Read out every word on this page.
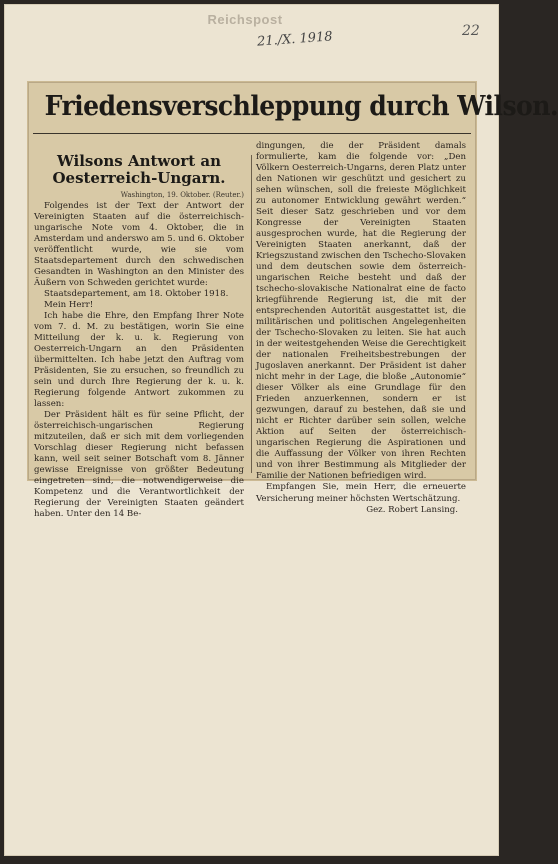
Reichspost
21./X. 1918	22
Friedensverschleppung durch Wilson.
Wilsons Antwort an
Oesterreich-Ungarn.
Washington, 19. Oktober. (Reuter.)

Folgendes ist der Text der Antwort der Vereinigten Staaten auf die österreichisch-ungarische Note vom 4. Oktober, die in Amsterdam und anderswo am 5. und 6. Oktober veröffentlicht wurde, wie sie vom Staatsdepartement durch den schwedischen Gesandten in Washington an den Minister des Äußern von Schweden gerichtet wurde:

Staatsdepartement, am 18. Oktober 1918.

Mein Herr!

Ich habe die Ehre, den Empfang Ihrer Note vom 7. d. M. zu bestätigen, worin Sie eine Mitteilung der k. u. k. Regierung von Oesterreich-Ungarn an den Präsidenten übermittelten. Ich habe jetzt den Auftrag vom Präsidenten, Sie zu ersuchen, so freundlich zu sein und durch Ihre Regierung der k. u. k. Regierung folgende Antwort zukommen zu lassen:

Der Präsident hält es für seine Pflicht, der österreichisch-ungarischen Regierung mitzuteilen, daß er sich mit dem vorliegenden Vorschlag dieser Regierung nicht befassen kann, weil seit seiner Botschaft vom 8. Jänner gewisse Ereignisse von größter Bedeutung eingetreten sind, die notwendigerweise die Kompetenz und die Verantwortlichkeit der Regierung der Vereinigten Staaten geändert haben. Unter den 14 Be-

dingungen, die der Präsident damals formulierte, kam die folgende vor: „Den Völkern Oesterreich-Ungarns, deren Platz unter den Nationen wir geschützt und gesichert zu sehen wünschen, soll die freieste Möglichkeit zu autonomer Entwicklung gewährt werden.“ Seit dieser Satz geschrieben und vor dem Kongresse der Vereinigten Staaten ausgesprochen wurde, hat die Regierung der Vereinigten Staaten anerkannt, daß der Kriegszustand zwischen den Tschecho-Slovaken und dem deutschen sowie dem österreich-ungarischen Reiche besteht und daß der tschecho-slovakische Nationalrat eine de facto kriegführende Regierung ist, die mit der entsprechenden Autorität ausgestattet ist, die militärischen und politischen Angelegenheiten der Tschecho-Slovaken zu leiten. Sie hat auch in der weitestgehenden Weise die Gerechtigkeit der nationalen Freiheitsbestrebungen der Jugoslaven anerkannt. Der Präsident ist daher nicht mehr in der Lage, die bloße „Autonomie“ dieser Völker als eine Grundlage für den Frieden anzuerkennen, sondern er ist gezwungen, darauf zu bestehen, daß sie und nicht er Richter darüber sein sollen, welche Aktion auf Seiten der österreichisch-ungarischen Regierung die Aspirationen und die Auffassung der Völker von ihren Rechten und von ihrer Bestimmung als Mitglieder der Familie der Nationen befriedigen wird.

Empfangen Sie, mein Herr, die erneuerte Versicherung meiner höchsten Wertschätzung.

Gez. Robert Lansing.
